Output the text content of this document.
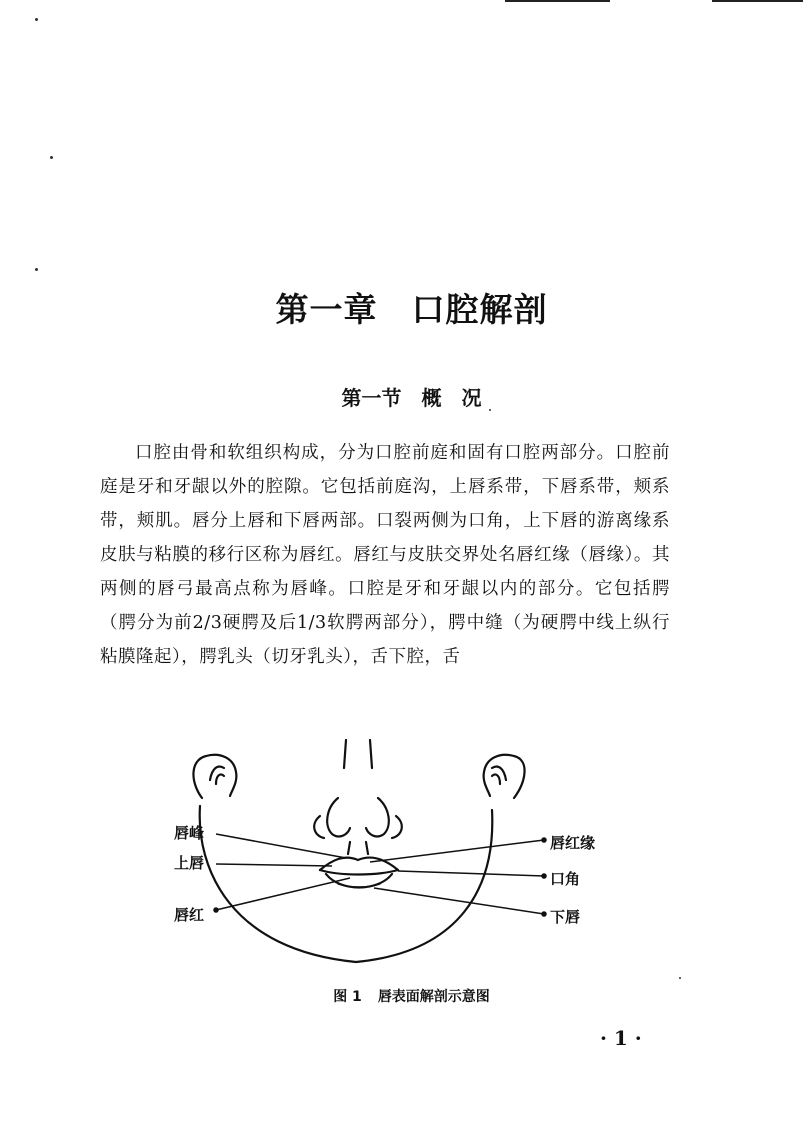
第一章　口腔解剖
第一节　概　况

口腔由骨和软组织构成，分为口腔前庭和固有口腔两部分。口腔前庭是牙和牙龈以外的腔隙。它包括前庭沟，上唇系带，下唇系带，颊系带，颊肌。唇分上唇和下唇两部。口裂两侧为口角，上下唇的游离缘系皮肤与粘膜的移行区称为唇红。唇红与皮肤交界处名唇红缘（唇缘）。其两侧的唇弓最高点称为唇峰。口腔是牙和牙龈以内的部分。它包括腭（腭分为前2/3硬腭及后1/3软腭两部分），腭中缝（为硬腭中线上纵行粘膜隆起），腭乳头（切牙乳头），舌下腔，舌

唇峰
上唇
唇红
唇红缘
口角
下唇
图 1 唇表面解剖示意图
· 1 ·
